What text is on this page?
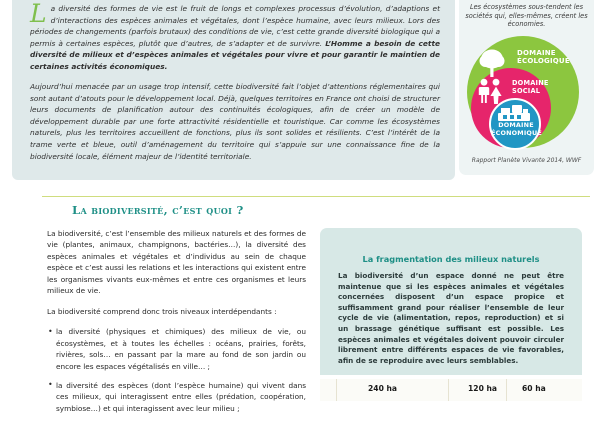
La diversité des formes de vie est le fruit de longs et complexes processus d’évolution, d’adaptions et d’interactions des espèces animales et végétales, dont l’espèce humaine, avec leurs milieux. Lors des périodes de changements (parfois brutaux) des conditions de vie, c’est cette grande diversité biologique qui a permis à certaines espèces, plutôt que d’autres, de s’adapter et de survivre. L’Homme a besoin de cette diversité de milieux et d’espèces animales et végétales pour vivre et pour garantir le maintien de certaines activités économiques.

Aujourd’hui menacée par un usage trop intensif, cette biodiversité fait l’objet d’attentions réglementaires qui sont autant d’atouts pour le développement local. Déjà, quelques territoires en France ont choisi de structurer leurs documents de planification autour des continuités écologiques, afin de créer un modèle de développement durable par une forte attractivité résidentielle et touristique. Car comme les écosystèmes naturels, plus les territoires accueillent de fonctions, plus ils sont solides et résilients. C’est l’intérêt de la trame verte et bleue, outil d’aménagement du territoire qui s’appuie sur une connaissance fine de la biodiversité locale, élément majeur de l’identité territoriale.

Les écosystèmes sous-tendent les sociétés qui, elles-mêmes, créent les économies.
DOMAINE
ÉCOLOGIQUE
DOMAINE
SOCIAL
DOMAINE
ÉCONOMIQUE
Rapport Planète Vivante 2014, WWF
La biodiversité, c’est quoi ?

La biodiversité, c’est l’ensemble des milieux naturels et des formes de vie (plantes, animaux, champignons, bactéries…), la diversité des espèces animales et végétales et d’individus au sein de chaque espèce et c’est aussi les relations et les interactions qui existent entre les organismes vivants eux-mêmes et entre ces organismes et leurs milieux de vie.

La biodiversité comprend donc trois niveaux interdépendants :

• la diversité (physiques et chimiques) des milieux de vie, ou écosystèmes, et à toutes les échelles : océans, prairies, forêts, rivières, sols… en passant par la mare au fond de son jardin ou encore les espaces végétalisés en ville… ;
• la diversité des espèces (dont l’espèce humaine) qui vivent dans ces milieux, qui interagissent entre elles (prédation, coopération, symbiose…) et qui interagissent avec leur milieu ;
La fragmentation des milieux naturels
La biodiversité d’un espace donné ne peut être maintenue que si les espèces animales et végétales concernées disposent d’un espace propice et suffisamment grand pour réaliser l’ensemble de leur cycle de vie (alimentation, repos, reproduction) et si un brassage génétique suffisant est possible. Les espèces animales et végétales doivent pouvoir circuler librement entre différents espaces de vie favorables, afin de se reproduire avec leurs semblables.
240 ha	120 ha	60 ha
